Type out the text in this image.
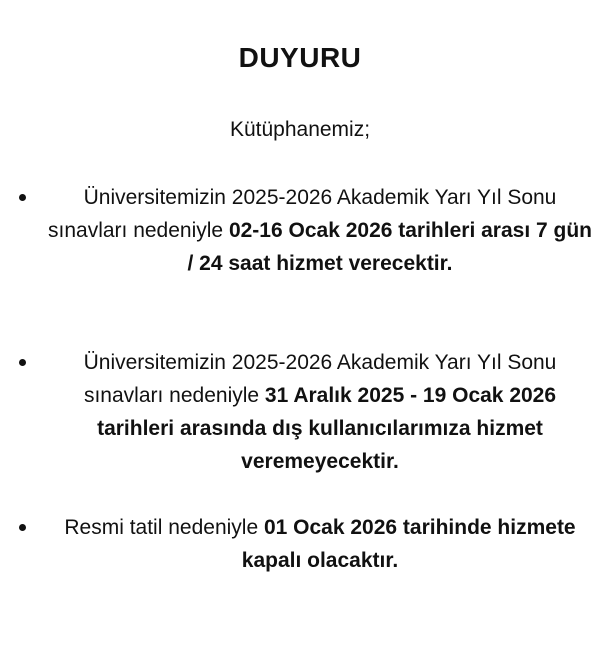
DUYURU
Kütüphanemiz;
Üniversitemizin 2025-2026 Akademik Yarı Yıl Sonu sınavları nedeniyle 02-16 Ocak 2026 tarihleri arası 7 gün / 24 saat hizmet verecektir.
Üniversitemizin 2025-2026 Akademik Yarı Yıl Sonu sınavları nedeniyle 31 Aralık 2025 - 19 Ocak 2026 tarihleri arasında dış kullanıcılarımıza hizmet veremeyecektir.
Resmi tatil nedeniyle 01 Ocak 2026 tarihinde hizmete kapalı olacaktır.
